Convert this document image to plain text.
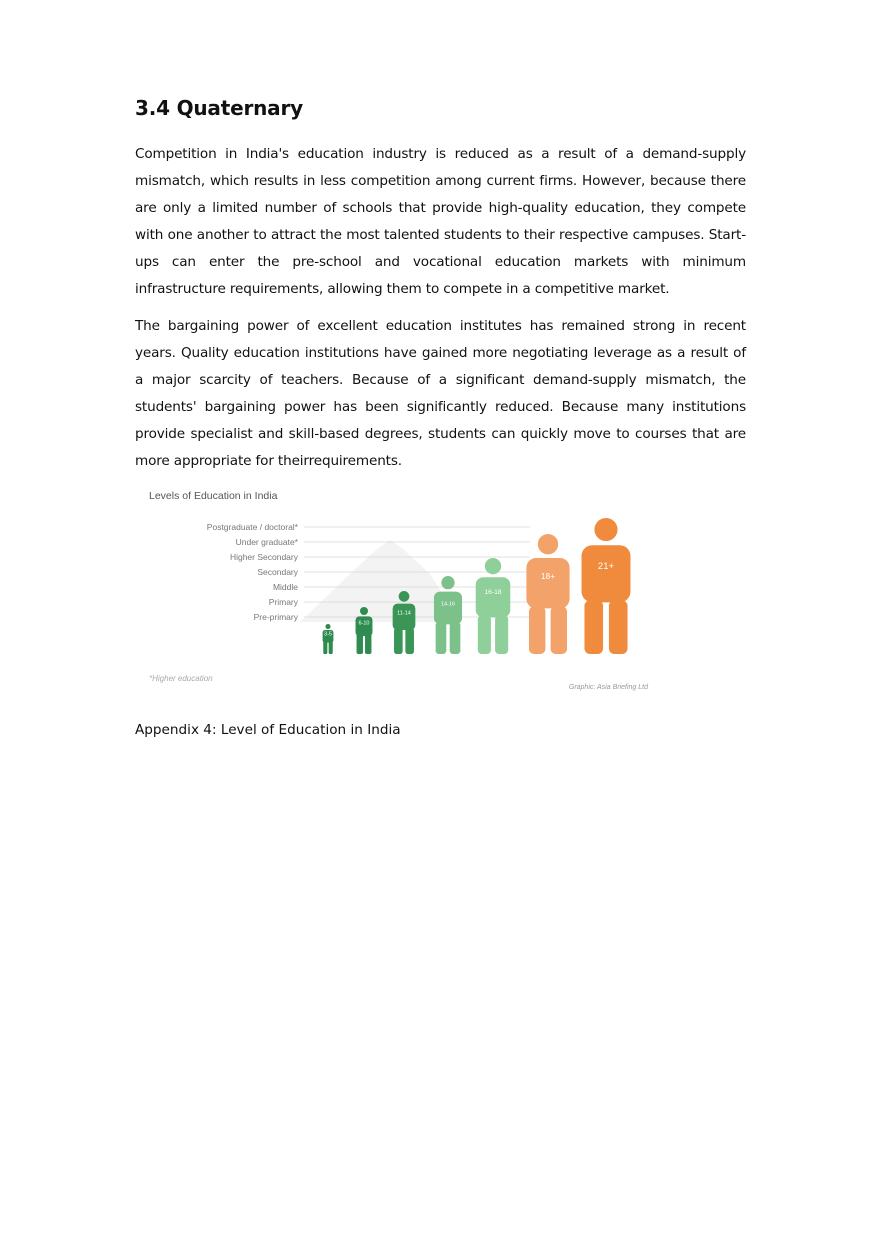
3.4 Quaternary

Competition in India's education industry is reduced as a result of a demand-supply mismatch, which results in less competition among current firms. However, because there are only a limited number of schools that provide high-quality education, they compete with one another to attract the most talented students to their respective campuses. Start-ups can enter the pre-school and vocational education markets with minimum infrastructure requirements, allowing them to compete in a competitive market.

The bargaining power of excellent education institutes has remained strong in recent years. Quality education institutions have gained more negotiating leverage as a result of a major scarcity of teachers. Because of a significant demand-supply mismatch, the students' bargaining power has been significantly reduced. Because many institutions provide specialist and skill-based degrees, students can quickly move to courses that are more appropriate for theirrequirements.

Levels of Education in India
Postgraduate / doctoral*
Under graduate*
Higher Secondary
Secondary
Middle
Primary
Pre-primary
3-5
6-10
11-14
14-16
16-18
18+
21+
*Higher education
Graphic: Asia Briefing Ltd

Appendix 4: Level of Education in India
